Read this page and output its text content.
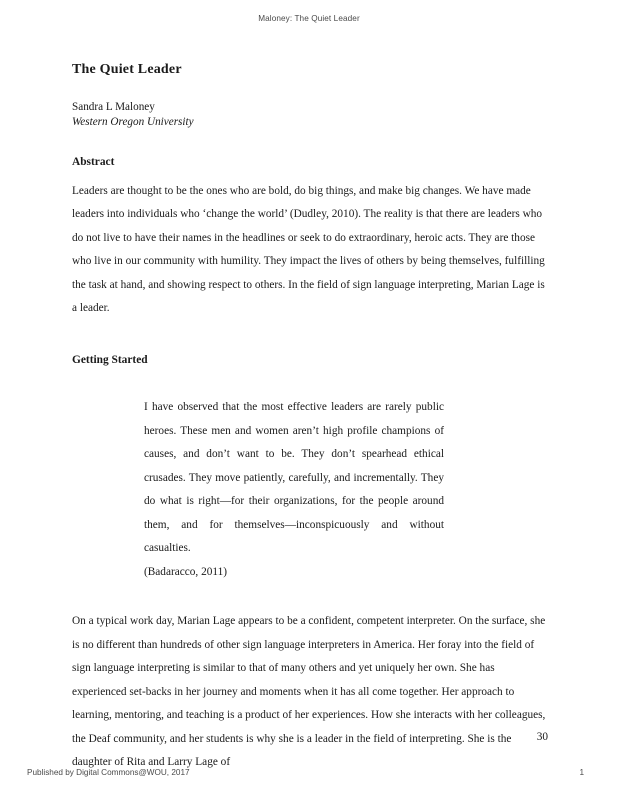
Maloney: The Quiet Leader
The Quiet Leader
Sandra L Maloney
Western Oregon University
Abstract

Leaders are thought to be the ones who are bold, do big things, and make big changes. We have made leaders into individuals who ‘change the world’ (Dudley, 2010). The reality is that there are leaders who do not live to have their names in the headlines or seek to do extraordinary, heroic acts. They are those who live in our community with humility. They impact the lives of others by being themselves, fulfilling the task at hand, and showing respect to others. In the field of sign language interpreting, Marian Lage is a leader.

Getting Started
I have observed that the most effective leaders are rarely public heroes. These men and women aren’t high profile champions of causes, and don’t want to be. They don’t spearhead ethical crusades. They move patiently, carefully, and incrementally. They do what is right—for their organizations, for the people around them, and for themselves—inconspicuously and without casualties.
(Badaracco, 2011)

On a typical work day, Marian Lage appears to be a confident, competent interpreter. On the surface, she is no different than hundreds of other sign language interpreters in America. Her foray into the field of sign language interpreting is similar to that of many others and yet uniquely her own. She has experienced set-backs in her journey and moments when it has all come together. Her approach to learning, mentoring, and teaching is a product of her experiences. How she interacts with her colleagues, the Deaf community, and her students is why she is a leader in the field of interpreting. She is the daughter of Rita and Larry Lage of

30
Published by Digital Commons@WOU, 2017	1
